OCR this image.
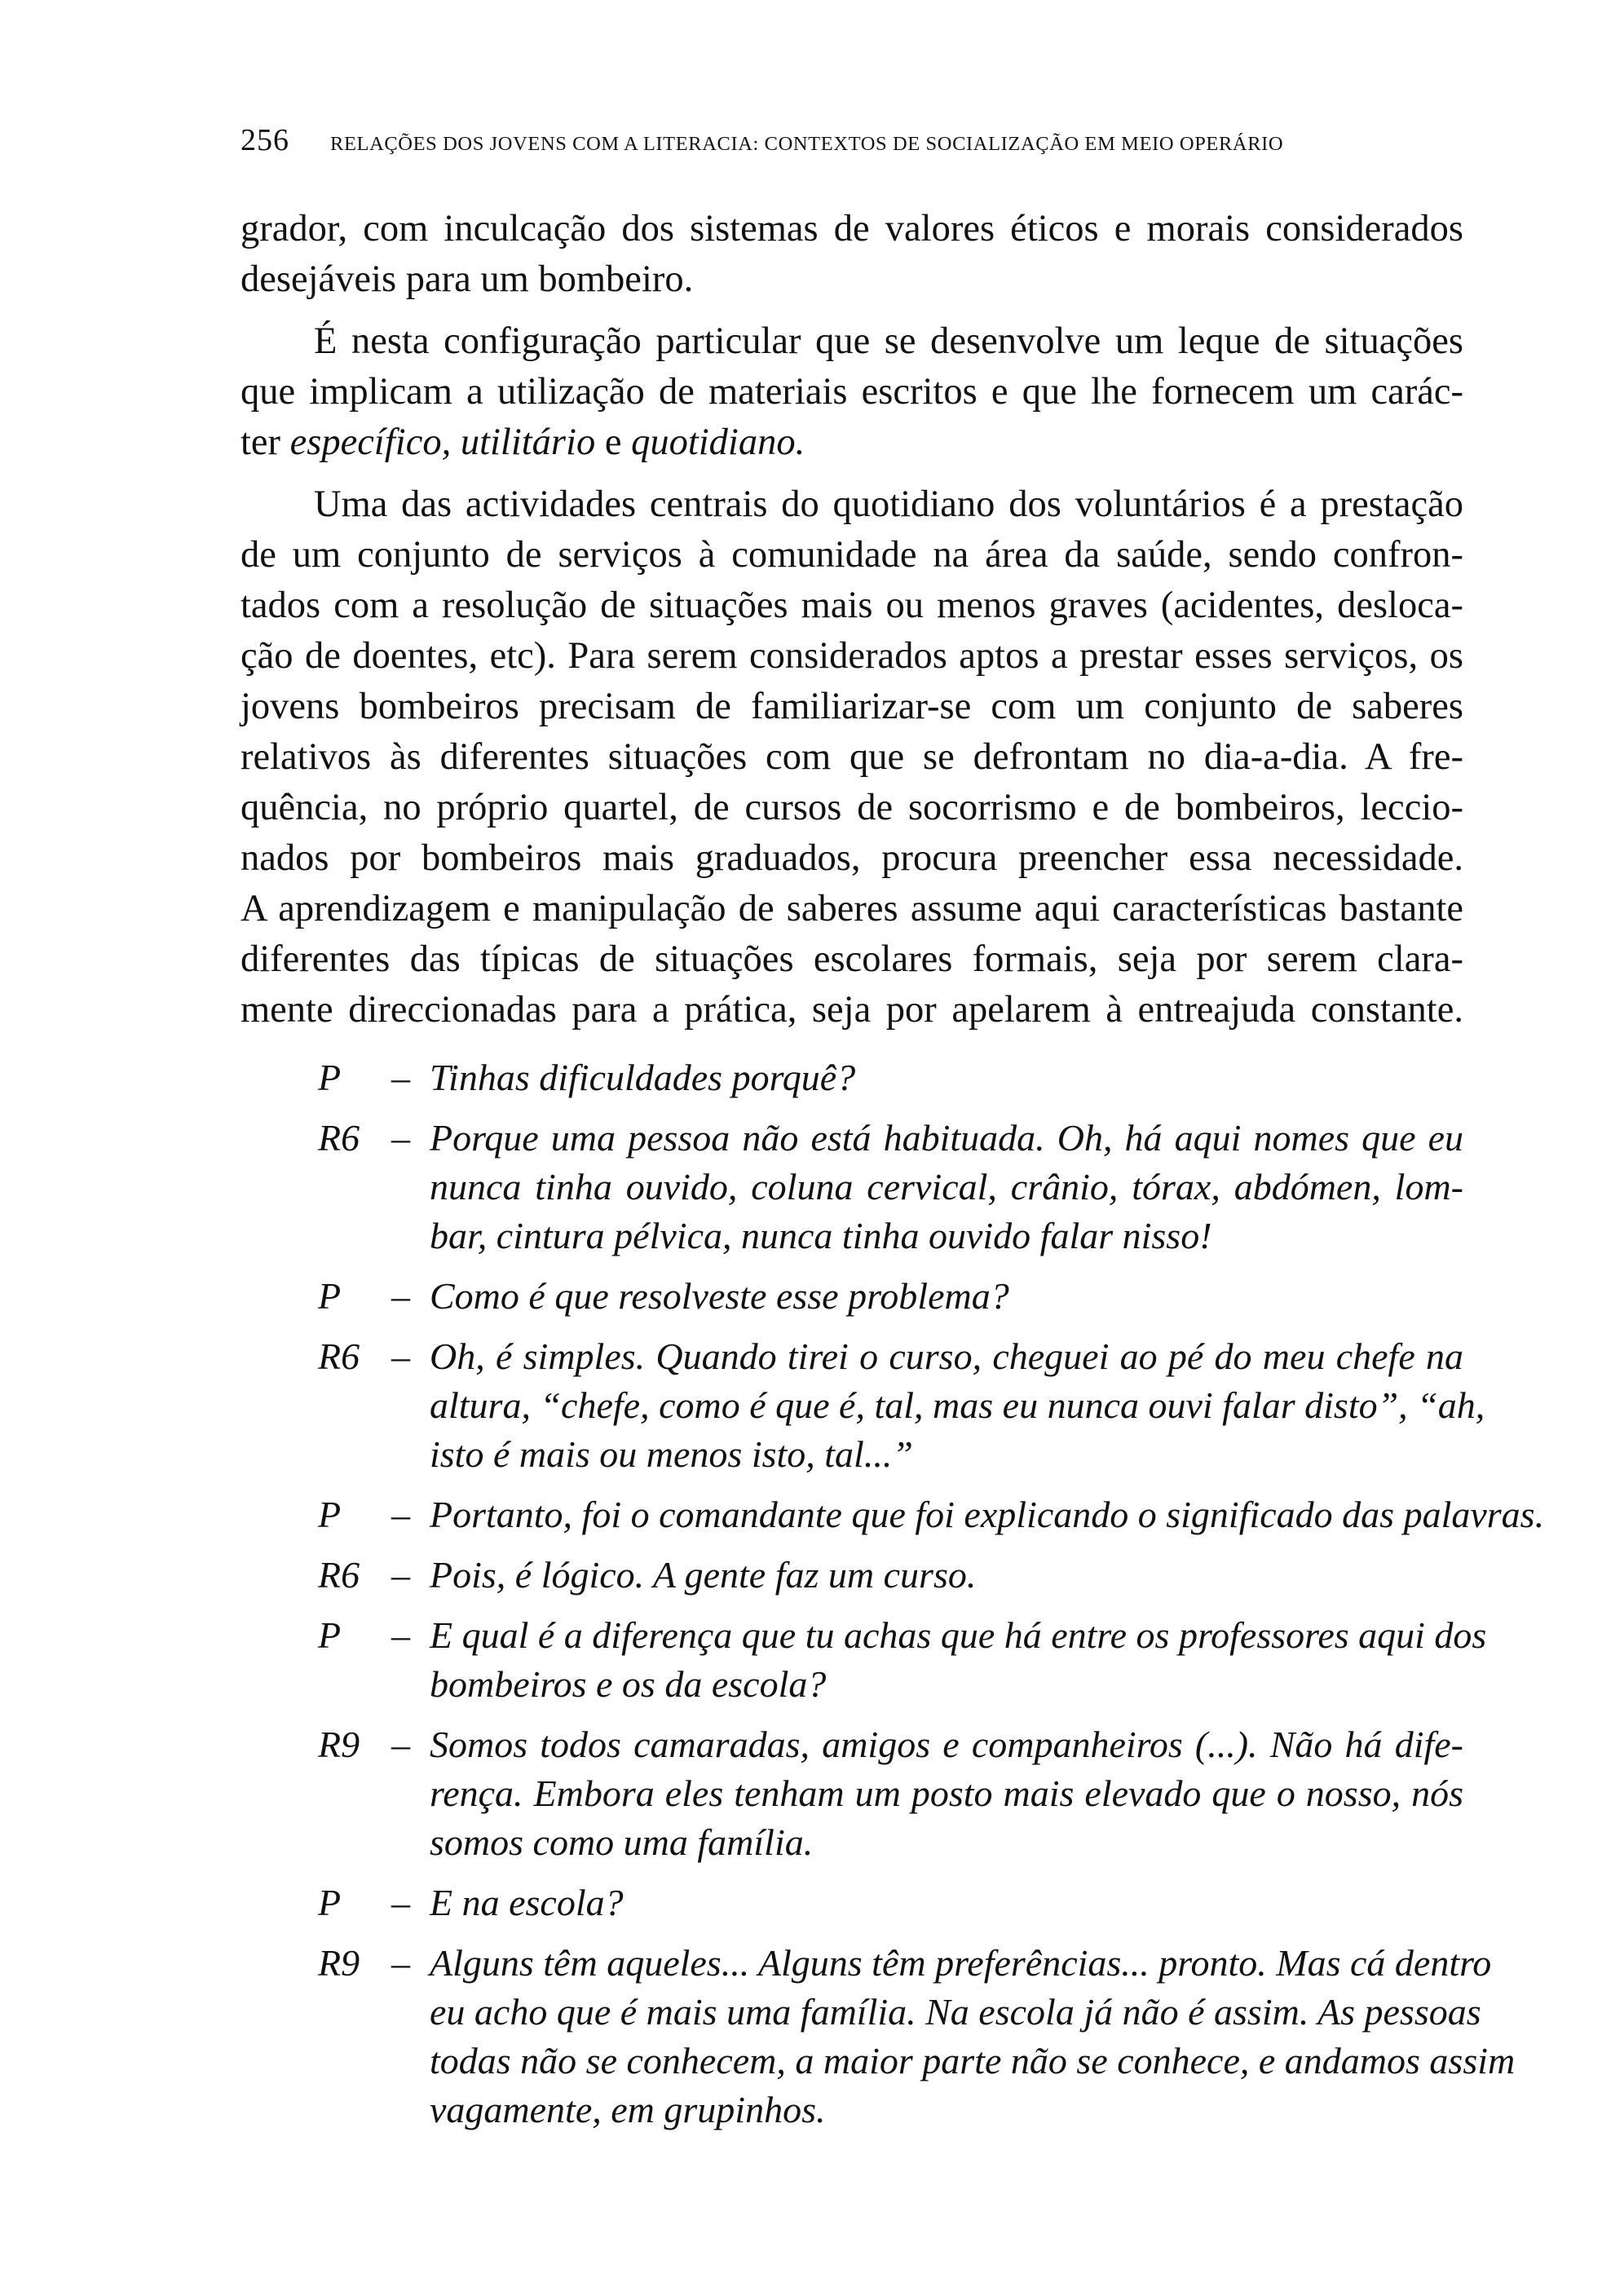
256	RELAÇÕES DOS JOVENS COM A LITERACIA: CONTEXTOS DE SOCIALIZAÇÃO EM MEIO OPERÁRIO

grador, com inculcação dos sistemas de valores éticos e morais considerados
desejáveis para um bombeiro.

É nesta configuração particular que se desenvolve um leque de situações
que implicam a utilização de materiais escritos e que lhe fornecem um carác-
ter específico, utilitário e quotidiano.

Uma das actividades centrais do quotidiano dos voluntários é a prestação
de um conjunto de serviços à comunidade na área da saúde, sendo confron-
tados com a resolução de situações mais ou menos graves (acidentes, desloca-
ção de doentes, etc). Para serem considerados aptos a prestar esses serviços, os
jovens bombeiros precisam de familiarizar-se com um conjunto de saberes
relativos às diferentes situações com que se defrontam no dia-a-dia. A fre-
quência, no próprio quartel, de cursos de socorrismo e de bombeiros, leccio-
nados por bombeiros mais graduados, procura preencher essa necessidade.
A aprendizagem e manipulação de saberes assume aqui características bastante
diferentes das típicas de situações escolares formais, seja por serem clara-
mente direccionadas para a prática, seja por apelarem à entreajuda constante.

P	– Tinhas dificuldades porquê?
R6 – Porque uma pessoa não está habituada. Oh, há aqui nomes que eu
nunca tinha ouvido, coluna cervical, crânio, tórax, abdómen, lom-
bar, cintura pélvica, nunca tinha ouvido falar nisso!
P	– Como é que resolveste esse problema?
R6 – Oh, é simples. Quando tirei o curso, cheguei ao pé do meu chefe na
altura, “chefe, como é que é, tal, mas eu nunca ouvi falar disto”, “ah,
isto é mais ou menos isto, tal...”
P	– Portanto, foi o comandante que foi explicando o significado das palavras.
R6 – Pois, é lógico. A gente faz um curso.
P	– E qual é a diferença que tu achas que há entre os professores aqui dos
bombeiros e os da escola?
R9 – Somos todos camaradas, amigos e companheiros (...). Não há dife-
rença. Embora eles tenham um posto mais elevado que o nosso, nós
somos como uma família.
P	– E na escola?
R9 – Alguns têm aqueles... Alguns têm preferências... pronto. Mas cá dentro
eu acho que é mais uma família. Na escola já não é assim. As pessoas
todas não se conhecem, a maior parte não se conhece, e andamos assim
vagamente, em grupinhos.
